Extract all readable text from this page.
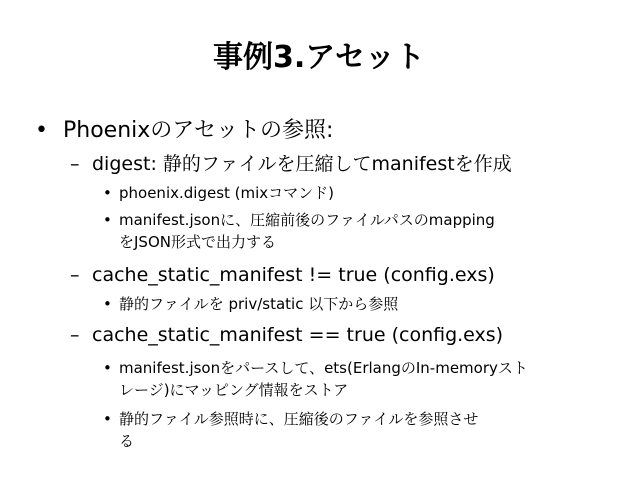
事例3.アセット
• Phoenixのアセットの参照:
– digest: 静的ファイルを圧縮してmanifestを作成
• phoenix.digest (mixコマンド)
• manifest.jsonに、圧縮前後のファイルパスのmapping
をJSON形式で出力する
– cache_static_manifest != true (config.exs)
• 静的ファイルを priv/static 以下から参照
– cache_static_manifest == true (config.exs)
• manifest.jsonをパースして、ets(ErlangのIn-memoryスト
レージ)にマッピング情報をストア
• 静的ファイル参照時に、圧縮後のファイルを参照させ
る
